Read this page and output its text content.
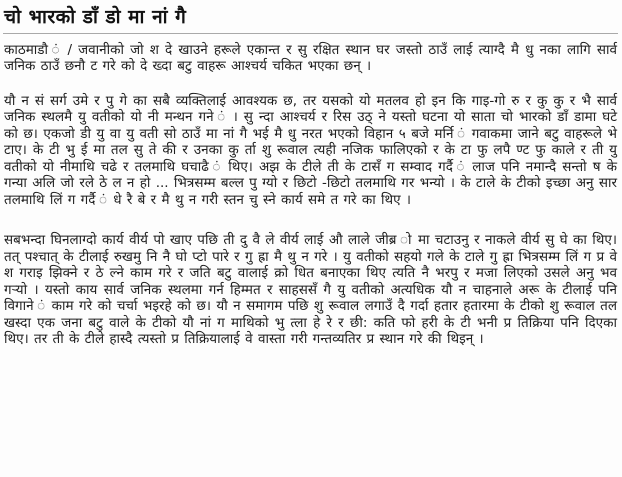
चो भारको डाँ डो मा नां गै

काठमाडौ ं / जवानीको जो श दे खाउने हरूले एकान्त र सु रक्षित स्थान घर जस्तो ठाउँ लाई त्याग्दै मै धु नका लागि सार्व जनिक ठाउँ छनौ ट गरे को दे ख्दा बटु वाहरू आश्चर्य चकित भएका छन् ।

यौ न सं सर्ग उमे र पु गे का सबै व्यक्तिलाई आवश्यक छ, तर यसको यो मतलव हो इन कि गाइ-गो रु र कु कु र भै सार्व जनिक स्थलमै यु वतीको यो नी मन्थन गने ं । सु न्दा आश्चर्य र रिस उठ् ने यस्तो घटना यो साता चो भारको डाँ डामा घटे को छ। एकजो डी यु वा यु वती सो ठाउँ मा नां गै भई मै धु नरत भएको विहान ५ बजे मर्नि ं गवाकमा जाने बटु वाहरूले भे टाए। के टी भु ई मा तल सु ते की र उनका कु र्ता शु रूवाल त्यही नजिक फालिएको र के टा फु लपै ण्ट फु काले र ती यु वतीको यो नीमाथि चढे र तलमाथि घचाढै ं थिए। अझ के टीले ती के टासँ ग सम्वाद गर्दै ं लाज पनि नमान्दै सन्तो ष के गन्या अलि जो रले ठे ल न हो ... भित्रसम्म बल्ल पु ग्यो र छिटो -छिटो तलमाथि गर भन्यो । के टाले के टीको इच्छा अनु सार तलमाथि लिं ग गर्दै ं धे रै बे र मै थु न गरी स्तन चु स्ने कार्य समे त गरे का थिए ।

सबभन्दा घिनलाग्दो कार्य वीर्य पो खाए पछि ती दु वै ले वीर्य लाई औ लाले जीब्र ो मा चटाउनु र नाकले वीर्य सु घे का थिए। तत् पश्चात् के टीलाई रुखमु नि नै घो प्टो पारे र गु ह्रा मै थु न गरे । यु वतीको सहयो गले के टाले गु ह्रा भित्रसम्म लिं ग प्र वे श गराइ झिक्ने र ठे ल्ने काम गरे र जति बटु वालाई क्रो धित बनाएका थिए त्यति नै भरपु र मजा लिएको उसले अनु भव गऱ्यो । यस्तो काय सार्व जनिक स्थलमा गर्न हिम्मत र साहससँ गै यु वतीको अत्यधिक यौ न चाहनाले अरू के टीलाई पनि विगाने ं काम गरे को चर्चा भइरहे को छ। यौ न समागम पछि शु रूवाल लगाउँ दै गर्दा हतार हतारमा के टीको शु रूवाल तल खस्दा एक जना बटु वाले के टीको यौ नां ग माथिको भु त्ला हे रे र छी: कति फो हरी के टी भनी प्र तिक्रिया पनि दिएका थिए। तर ती के टीले हास्दै त्यस्तो प्र तिक्रियालाई वे वास्ता गरी गन्तव्यतिर प्र स्थान गरे की थिइन् ।
